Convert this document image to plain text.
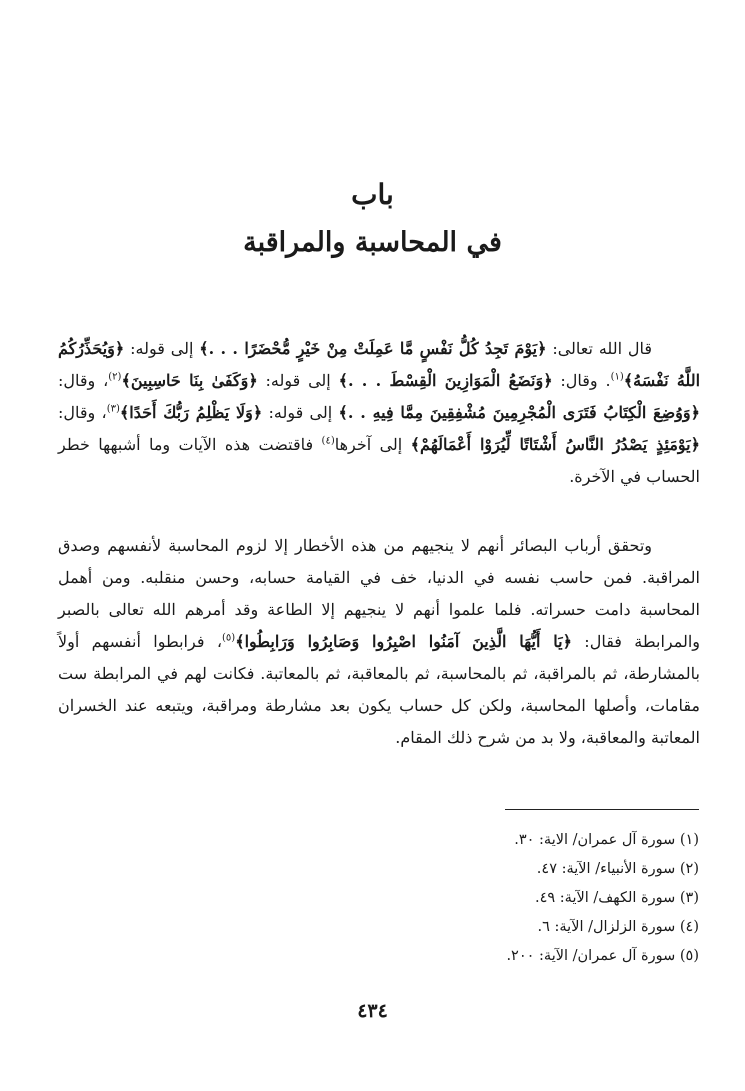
باب
في المحاسبة والمراقبة

قال الله تعالى: ﴿يَوْمَ تَجِدُ كُلُّ نَفْسٍ مَّا عَمِلَتْ مِنْ خَيْرٍ مُّحْضَرًا . . .﴾ إلى قوله: ﴿وَيُحَذِّرُكُمُ اللَّهُ نَفْسَهُ﴾$^{(١)}$. وقال: ﴿وَنَضَعُ الْمَوَازِينَ الْقِسْطَ . . .﴾ إلى قوله: ﴿وَكَفَىٰ بِنَا حَاسِبِينَ﴾$^{(٢)}$، وقال: ﴿وَوُضِعَ الْكِتَابُ فَتَرَى الْمُجْرِمِينَ مُشْفِقِينَ مِمَّا فِيهِ . .﴾ إلى قوله: ﴿وَلَا يَظْلِمُ رَبُّكَ أَحَدًا﴾$^{(٣)}$، وقال: ﴿يَوْمَئِذٍ يَصْدُرُ النَّاسُ أَشْتَاتًا لِّيُرَوْا أَعْمَالَهُمْ﴾ إلى آخرها$^{(٤)}$ فاقتضت هذه الآيات وما أشبهها خطر الحساب في الآخرة.

وتحقق أرباب البصائر أنهم لا ينجيهم من هذه الأخطار إلا لزوم المحاسبة لأنفسهم وصدق المراقبة. فمن حاسب نفسه في الدنيا، خف في القيامة حسابه، وحسن منقلبه. ومن أهمل المحاسبة دامت حسراته. فلما علموا أنهم لا ينجيهم إلا الطاعة وقد أمرهم الله تعالى بالصبر والمرابطة فقال: ﴿يَا أَيُّهَا الَّذِينَ آمَنُوا اصْبِرُوا وَصَابِرُوا وَرَابِطُوا﴾$^{(٥)}$، فرابطوا أنفسهم أولاً بالمشارطة، ثم بالمراقبة، ثم بالمحاسبة، ثم بالمعاقبة، ثم بالمعاتبة. فكانت لهم في المرابطة ست مقامات، وأصلها المحاسبة، ولكن كل حساب يكون بعد مشارطة ومراقبة، ويتبعه عند الخسران المعاتبة والمعاقبة، ولا بد من شرح ذلك المقام.

(١) سورة آل عمران/ الاية: ٣٠.
(٢) سورة الأنبياء/ الآية: ٤٧.
(٣) سورة الكهف/ الآية: ٤٩.
(٤) سورة الزلزال/ الآية: ٦.
(٥) سورة آل عمران/ الآية: ٢٠٠.
٤٣٤
